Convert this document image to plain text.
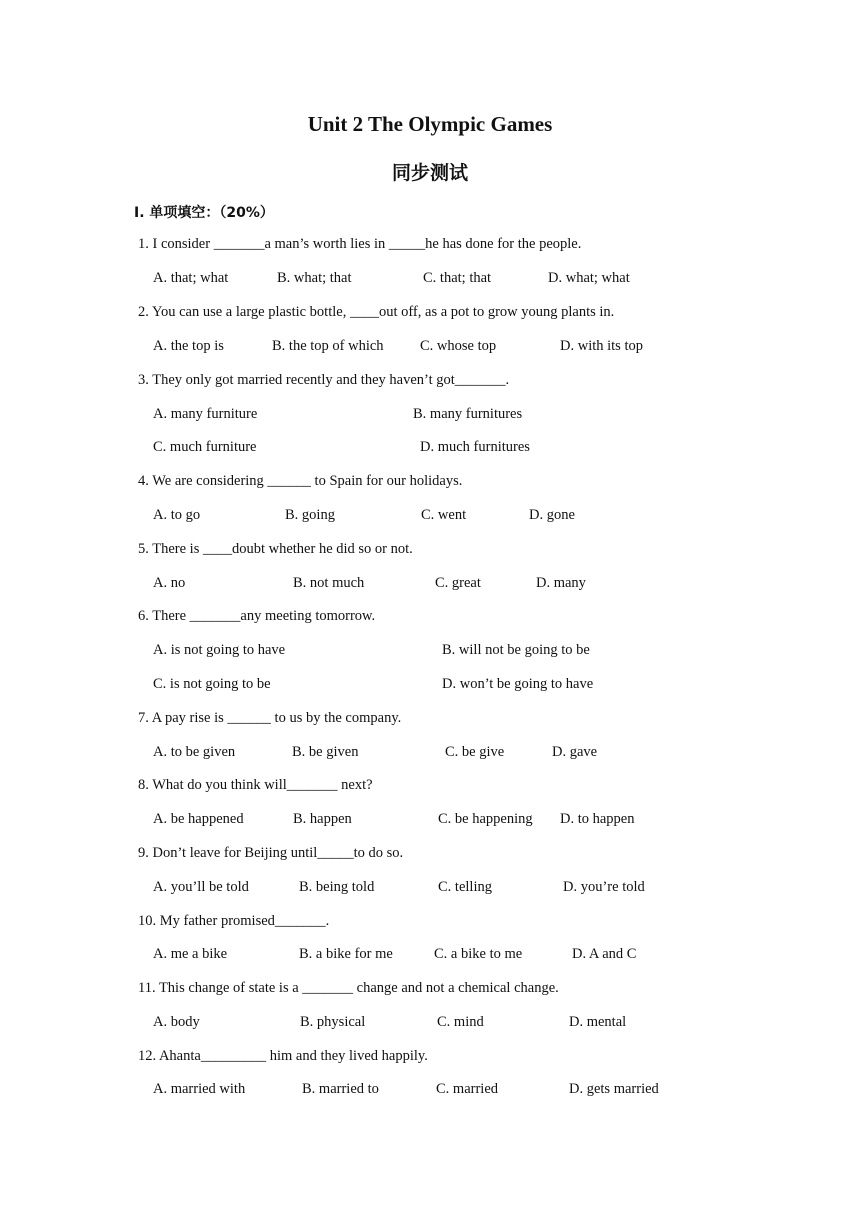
Unit 2 The Olympic Games
同步测试
Ⅰ. 单项填空：（20%）
1. I consider _______a man’s worth lies in _____he has done for the people.
A. that; what	B. what; that	C. that; that	D. what; what
2. You can use a large plastic bottle, ____out off, as a pot to grow young plants in.
A. the top is	B. the top of which	C. whose top	D. with its top
3. They only got married recently and they haven’t got_______.
A. many furniture	B. many furnitures
C. much furniture	D. much furnitures
4. We are considering ______ to Spain for our holidays.
A. to go	B. going	C. went	D. gone
5. There is ____doubt whether he did so or not.
A. no	B. not much	C. great	D. many
6. There _______any meeting tomorrow.
A. is not going to have	B. will not be going to be
C. is not going to be	D. won’t be going to have
7. A pay rise is ______ to us by the company.
A. to be given	B. be given	C. be give	D. gave
8. What do you think will_______ next?
A. be happened	B. happen	C. be happening D. to happen
9. Don’t leave for Beijing until_____to do so.
A. you’ll be told	B. being told	C. telling	D. you’re told
10. My father promised_______.
A. me a bike	B. a bike for me	C. a bike to me	D. A and C
11. This change of state is a _______ change and not a chemical change.
A. body	B. physical	C. mind	D. mental
12. Ahanta_________ him and they lived happily.
A. married with	B. married to	C. married	D. gets married
